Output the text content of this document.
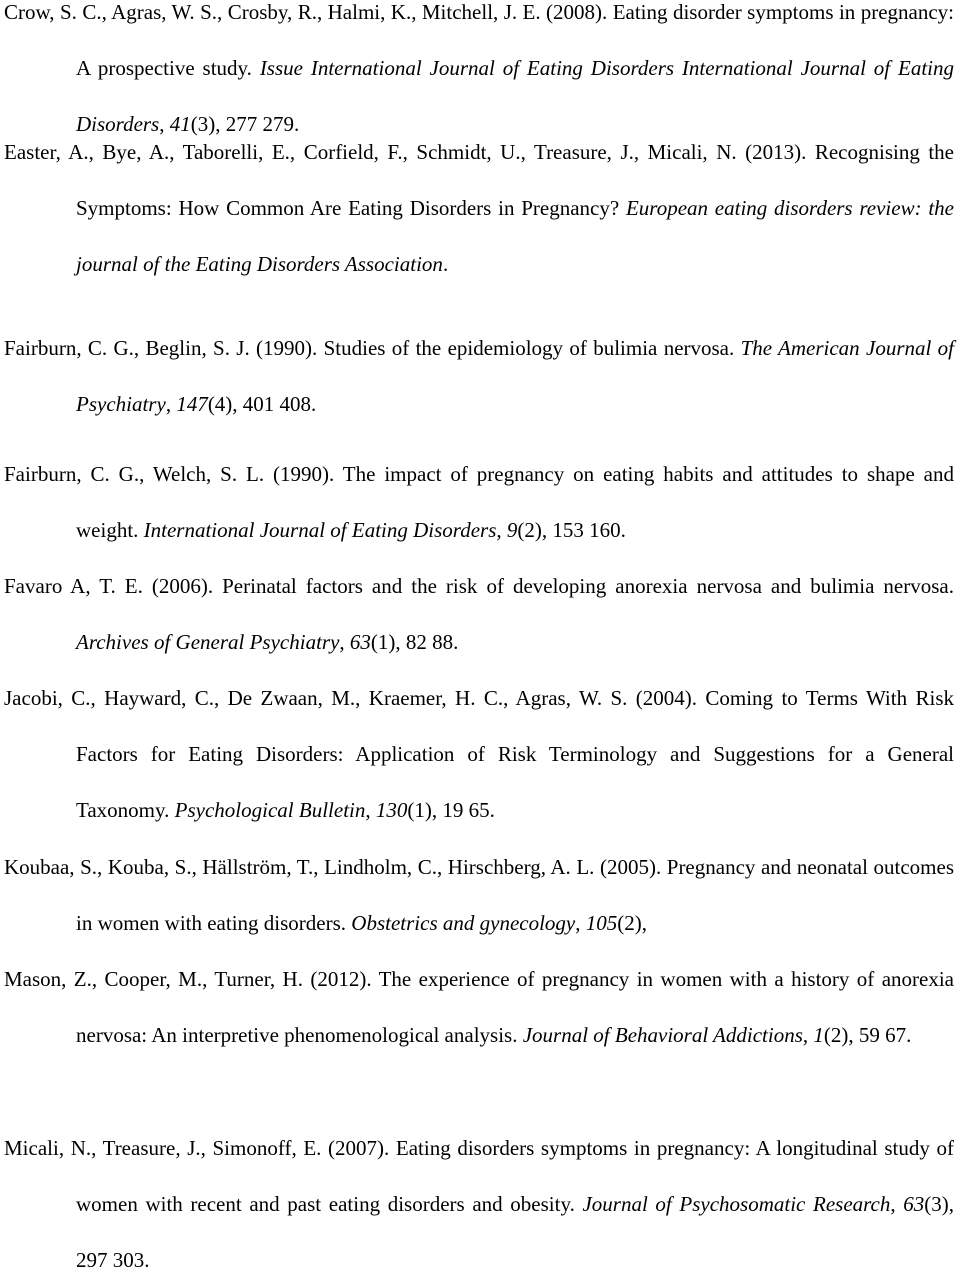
Crow, S. C., Agras, W. S., Crosby, R., Halmi, K., Mitchell, J. E. (2008). Eating disorder symptoms in pregnancy: A prospective study. Issue International Journal of Eating Disorders International Journal of Eating Disorders, 41(3), 277 279.

Easter, A., Bye, A., Taborelli, E., Corfield, F., Schmidt, U., Treasure, J., Micali, N. (2013). Recognising the Symptoms: How Common Are Eating Disorders in Pregnancy? European eating disorders review: the journal of the Eating Disorders Association.

Fairburn, C. G., Beglin, S. J. (1990). Studies of the epidemiology of bulimia nervosa. The American Journal of Psychiatry, 147(4), 401 408.

Fairburn, C. G., Welch, S. L. (1990). The impact of pregnancy on eating habits and attitudes to shape and weight. International Journal of Eating Disorders, 9(2), 153 160.

Favaro A, T. E. (2006). Perinatal factors and the risk of developing anorexia nervosa and bulimia nervosa. Archives of General Psychiatry, 63(1), 82 88.

Jacobi, C., Hayward, C., De Zwaan, M., Kraemer, H. C., Agras, W. S. (2004). Coming to Terms With Risk Factors for Eating Disorders: Application of Risk Terminology and Suggestions for a General Taxonomy. Psychological Bulletin, 130(1), 19 65.

Koubaa, S., Kouba, S., Hällström, T., Lindholm, C., Hirschberg, A. L. (2005). Pregnancy and neonatal outcomes in women with eating disorders. Obstetrics and gynecology, 105(2),

Mason, Z., Cooper, M., Turner, H. (2012). The experience of pregnancy in women with a history of anorexia nervosa: An interpretive phenomenological analysis. Journal of Behavioral Addictions, 1(2), 59 67.

Micali, N., Treasure, J., Simonoff, E. (2007). Eating disorders symptoms in pregnancy: A longitudinal study of women with recent and past eating disorders and obesity. Journal of Psychosomatic Research, 63(3), 297 303.
